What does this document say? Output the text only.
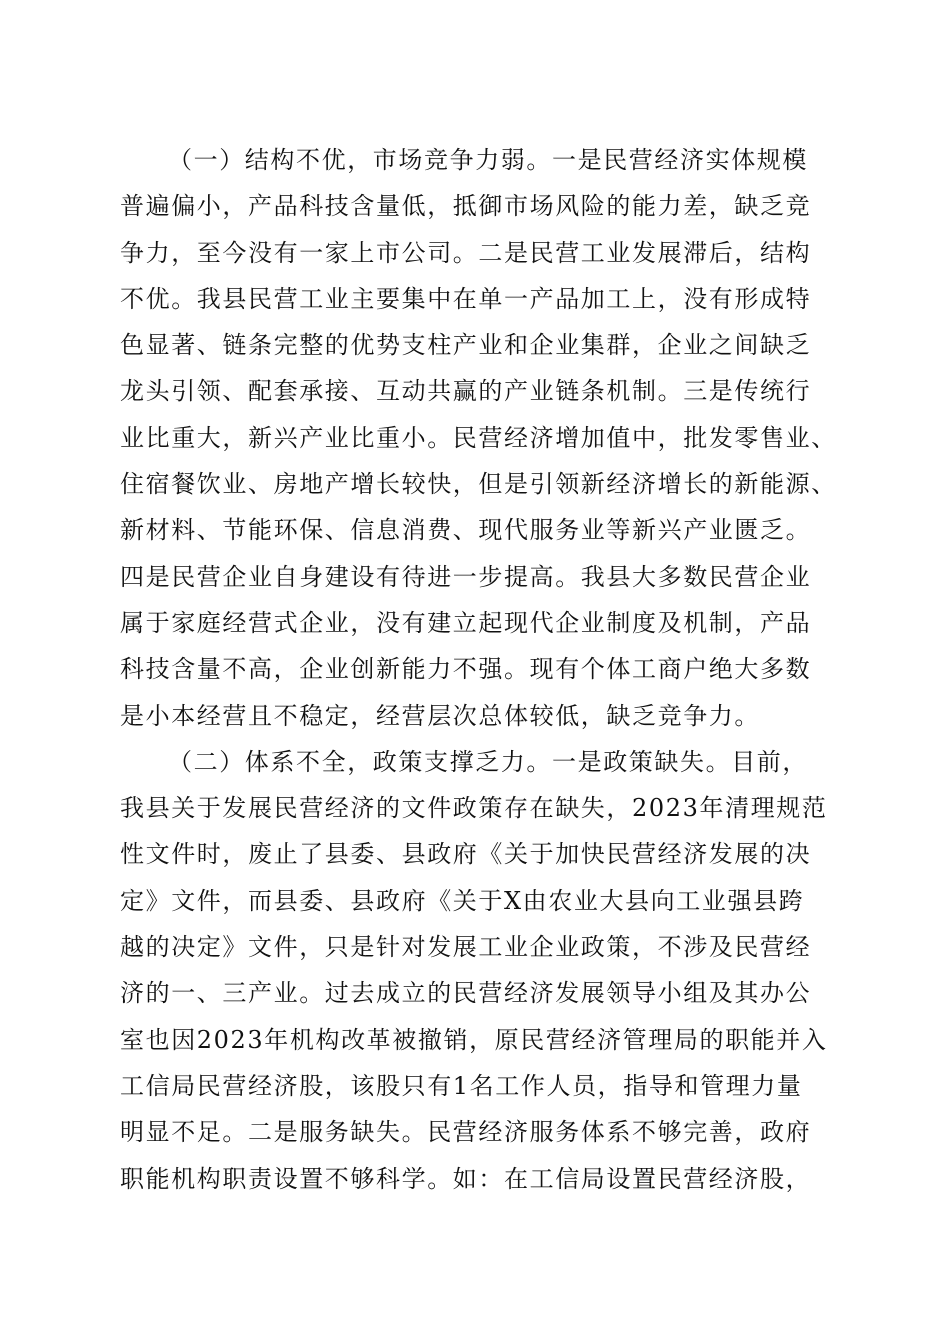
（一）结构不优，市场竞争力弱。一是民营经济实体规模
普遍偏小，产品科技含量低，抵御市场风险的能力差，缺乏竞
争力，至今没有一家上市公司。二是民营工业发展滞后，结构
不优。我县民营工业主要集中在单一产品加工上，没有形成特
色显著、链条完整的优势支柱产业和企业集群，企业之间缺乏
龙头引领、配套承接、互动共赢的产业链条机制。三是传统行
业比重大，新兴产业比重小。民营经济增加值中，批发零售业、
住宿餐饮业、房地产增长较快，但是引领新经济增长的新能源、
新材料、节能环保、信息消费、现代服务业等新兴产业匮乏。
四是民营企业自身建设有待进一步提高。我县大多数民营企业
属于家庭经营式企业，没有建立起现代企业制度及机制，产品
科技含量不高，企业创新能力不强。现有个体工商户绝大多数
是小本经营且不稳定，经营层次总体较低，缺乏竞争力。
（二）体系不全，政策支撑乏力。一是政策缺失。目前，
我县关于发展民营经济的文件政策存在缺失，2023年清理规范
性文件时，废止了县委、县政府《关于加快民营经济发展的决
定》文件，而县委、县政府《关于X由农业大县向工业强县跨
越的决定》文件，只是针对发展工业企业政策，不涉及民营经
济的一、三产业。过去成立的民营经济发展领导小组及其办公
室也因2023年机构改革被撤销，原民营经济管理局的职能并入
工信局民营经济股，该股只有1名工作人员，指导和管理力量
明显不足。二是服务缺失。民营经济服务体系不够完善，政府
职能机构职责设置不够科学。如：在工信局设置民营经济股，
